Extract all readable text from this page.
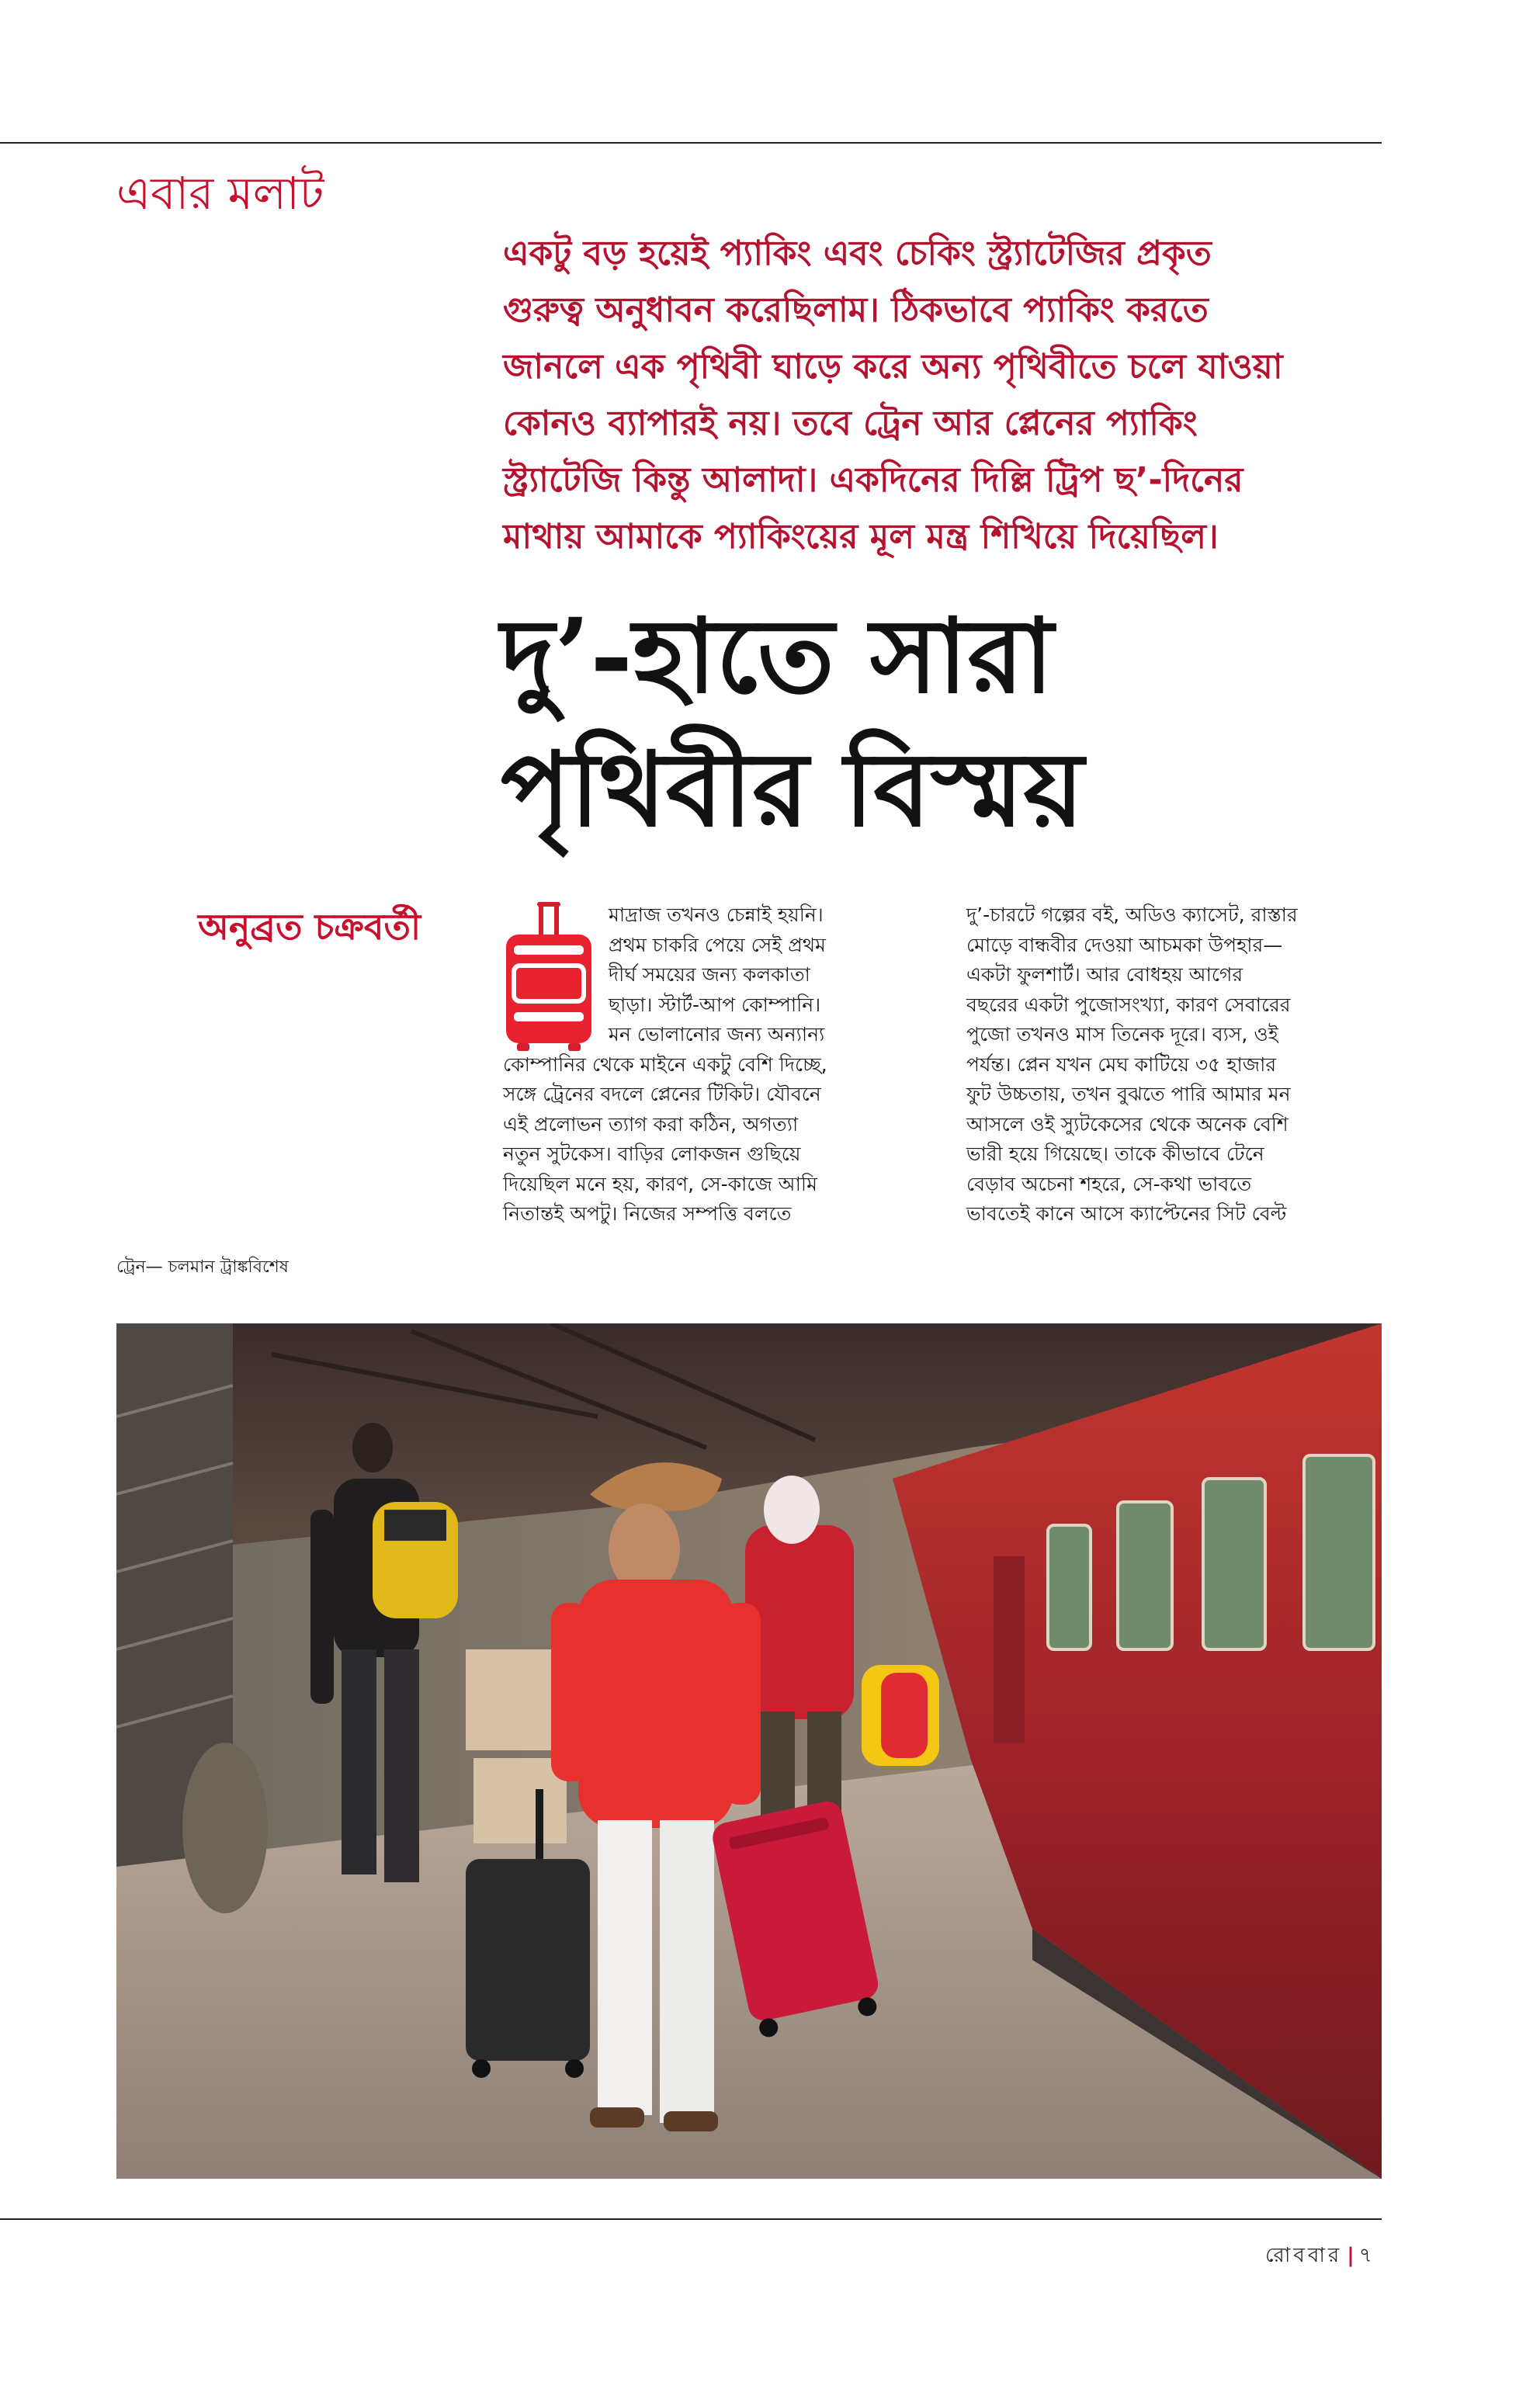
এবার মলাট
একটু বড় হয়েই প্যাকিং এবং চেকিং স্ট্র্যাটেজির প্রকৃত
গুরুত্ব অনুধাবন করেছিলাম। ঠিকভাবে প্যাকিং করতে
জানলে এক পৃথিবী ঘাড়ে করে অন্য পৃথিবীতে চলে যাওয়া
কোনও ব্যাপারই নয়। তবে ট্রেন আর প্লেনের প্যাকিং
স্ট্র্যাটেজি কিন্তু আলাদা। একদিনের দিল্লি ট্রিপ ছ’-দিনের
মাথায় আমাকে প্যাকিংয়ের মূল মন্ত্র শিখিয়ে দিয়েছিল।
দু’-হাতে সারা
পৃথিবীর বিস্ময়
অনুব্রত চক্রবর্তী	মাদ্রাজ তখনও চেন্নাই হয়নি।
প্রথম চাকরি পেয়ে সেই প্রথম
দীর্ঘ সময়ের জন্য কলকাতা
ছাড়া। স্টার্ট-আপ কোম্পানি।
মন ভোলানোর জন্য অন্যান্য
কোম্পানির থেকে মাইনে একটু বেশি দিচ্ছে,
সঙ্গে ট্রেনের বদলে প্লেনের টিকিট। যৌবনে
এই প্রলোভন ত্যাগ করা কঠিন, অগত্যা
নতুন সুটকেস। বাড়ির লোকজন গুছিয়ে
দিয়েছিল মনে হয়, কারণ, সে-কাজে আমি
নিতান্তই অপটু। নিজের সম্পত্তি বলতে
দু’-চারটে গল্পের বই, অডিও ক্যাসেট, রাস্তার
মোড়ে বান্ধবীর দেওয়া আচমকা উপহার—
একটা ফুলশার্ট। আর বোধহয় আগের
বছরের একটা পুজোসংখ্যা, কারণ সেবারের
পুজো তখনও মাস তিনেক দূরে। ব্যস, ওই
পর্যন্ত। প্লেন যখন মেঘ কাটিয়ে ৩৫ হাজার
ফুট উচ্চতায়, তখন বুঝতে পারি আমার মন
আসলে ওই স্যুটকেসের থেকে অনেক বেশি
ভারী হয়ে গিয়েছে। তাকে কীভাবে টেনে
বেড়াব অচেনা শহরে, সে-কথা ভাবতে
ভাবতেই কানে আসে ক্যাপ্টেনের সিট বেল্ট
ট্রেন— চলমান ট্রাঙ্কবিশেষ
রোববার | ৭
